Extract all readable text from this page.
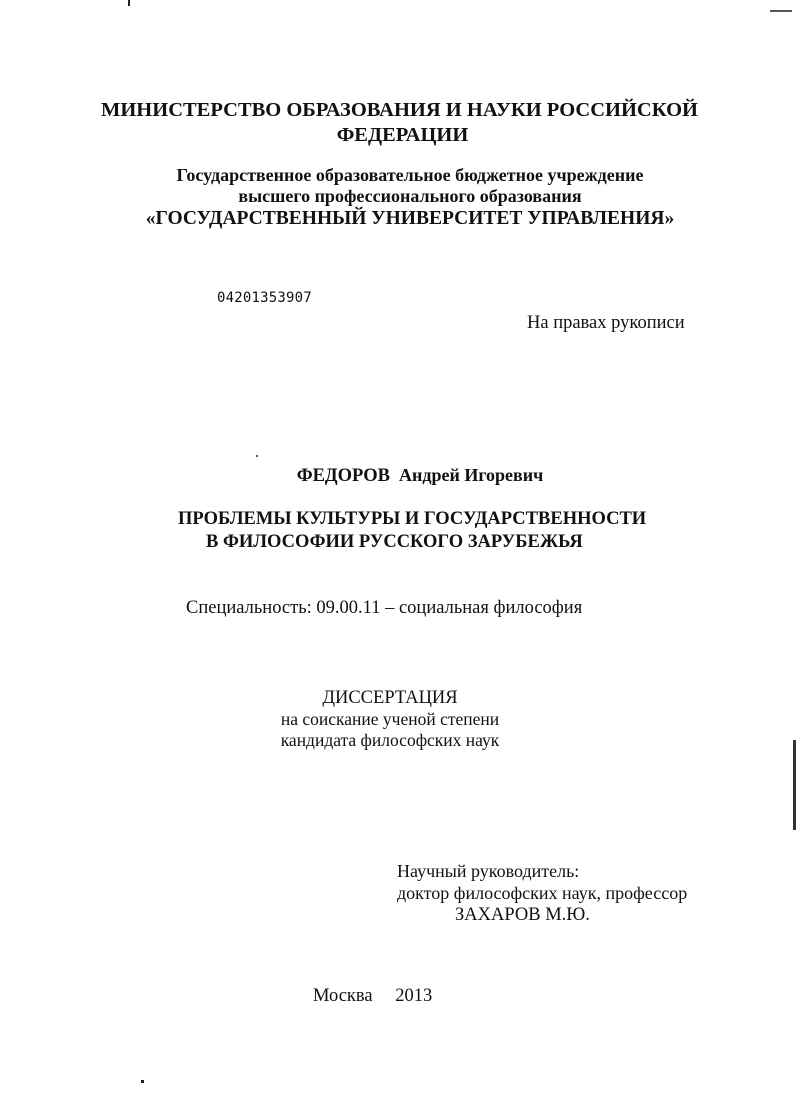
МИНИСТЕРСТВО ОБРАЗОВАНИЯ И НАУКИ РОССИЙСКОЙ
ФЕДЕРАЦИИ
Государственное образовательное бюджетное учреждение
высшего профессионального образования
«ГОСУДАРСТВЕННЫЙ УНИВЕРСИТЕТ УПРАВЛЕНИЯ»
04201353907
На правах рукописи
ФЕДОРОВ Андрей Игоревич
ПРОБЛЕМЫ КУЛЬТУРЫ И ГОСУДАРСТВЕННОСТИ
В ФИЛОСОФИИ РУССКОГО ЗАРУБЕЖЬЯ
Специальность: 09.00.11 – социальная философия
ДИССЕРТАЦИЯ
на соискание ученой степени
кандидата философских наук
Научный руководитель:
доктор философских наук, профессор
ЗАХАРОВ М.Ю.
Москва 2013
